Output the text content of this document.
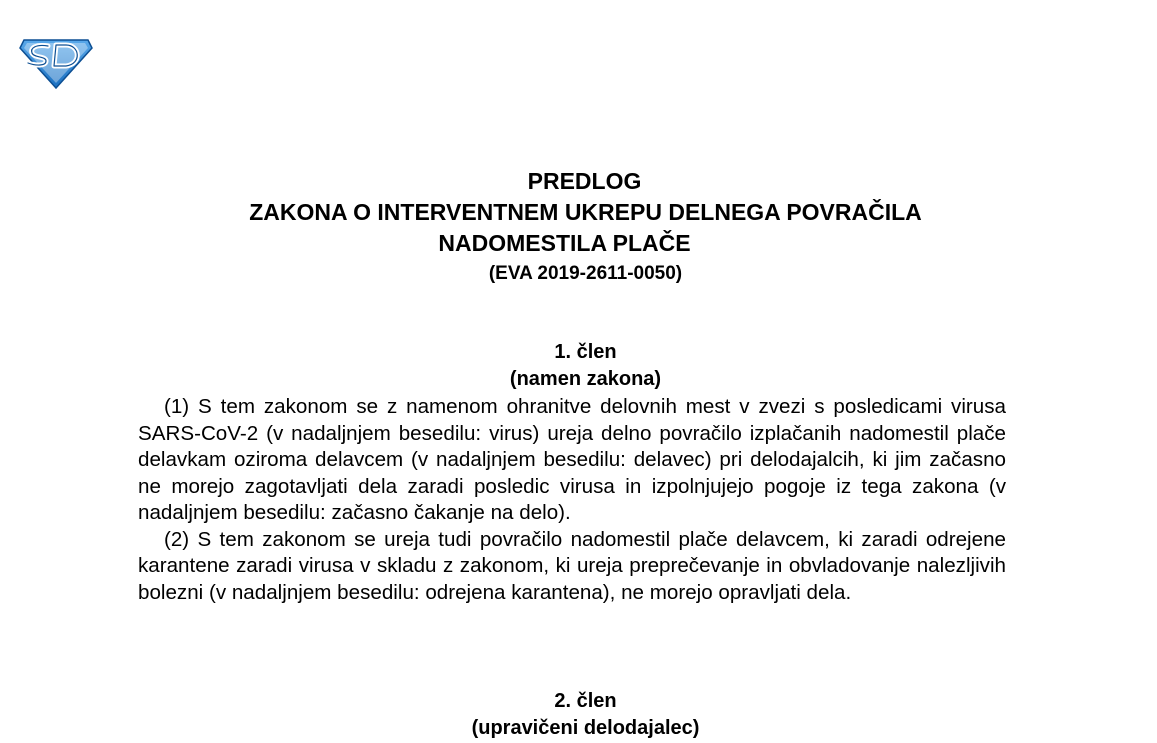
PREDLOG
ZAKONA O INTERVENTNEM UKREPU DELNEGA POVRAČILA
NADOMESTILA PLAČE
(EVA 2019-2611-0050)
1. člen
(namen zakona)

(1) S tem zakonom se z namenom ohranitve delovnih mest v zvezi s posledicami virusa SARS-CoV-2 (v nadaljnjem besedilu: virus) ureja delno povračilo izplačanih nadomestil plače delavkam oziroma delavcem (v nadaljnjem besedilu: delavec) pri delodajalcih, ki jim začasno ne morejo zagotavljati dela zaradi posledic virusa in izpolnjujejo pogoje iz tega zakona (v nadaljnjem besedilu: začasno čakanje na delo).

(2) S tem zakonom se ureja tudi povračilo nadomestil plače delavcem, ki zaradi odrejene karantene zaradi virusa v skladu z zakonom, ki ureja preprečevanje in obvladovanje nalezljivih bolezni (v nadaljnjem besedilu: odrejena karantena), ne morejo opravljati dela.

2. člen
(upravičeni delodajalec)
